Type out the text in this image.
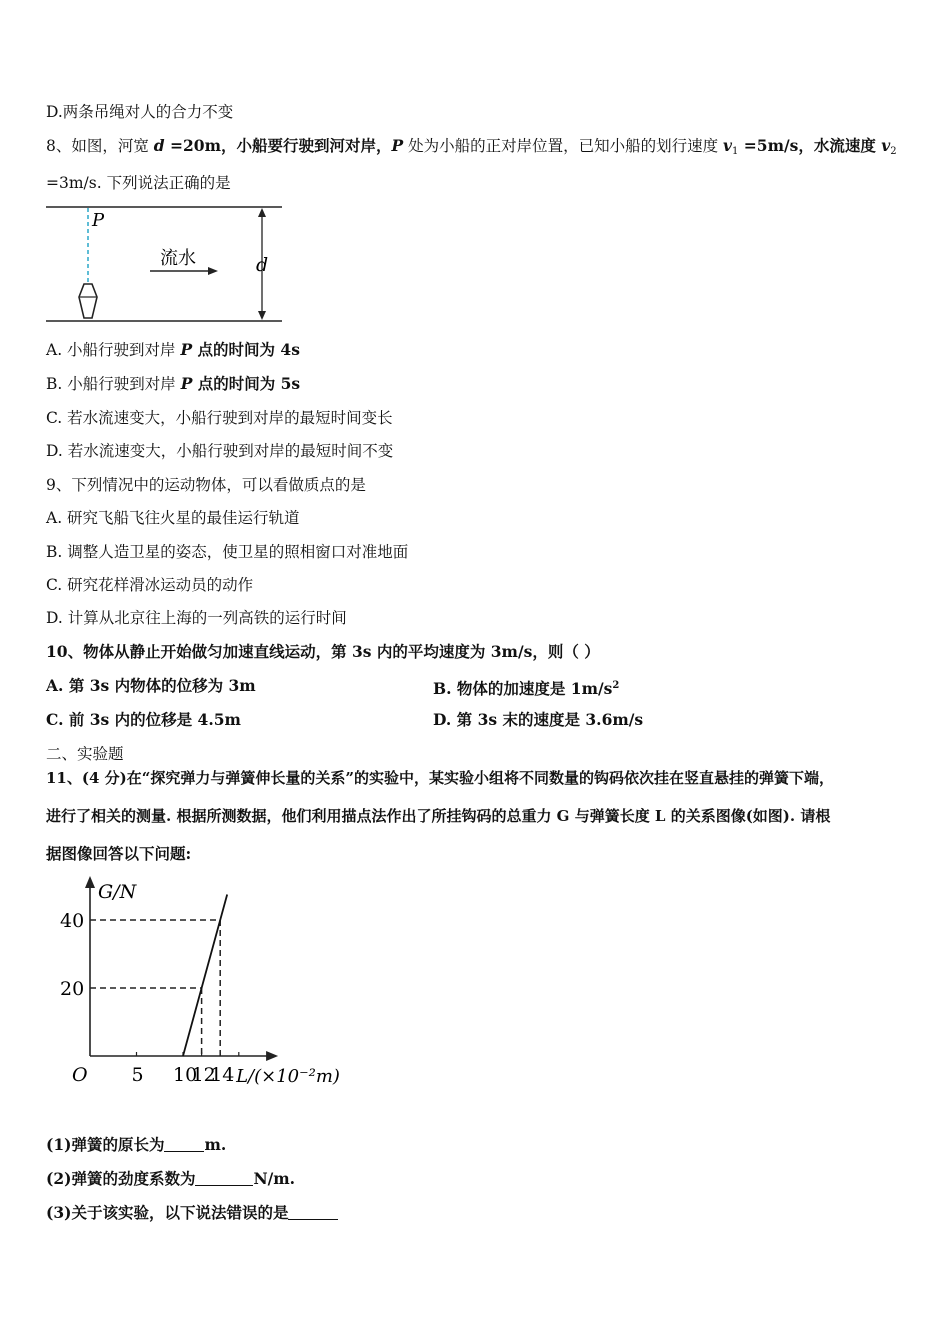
D.两条吊绳对人的合力不变
8、如图，河宽 d =20m，小船要行驶到河对岸，P 处为小船的正对岸位置，已知小船的划行速度 $v_1 =5m/s$，水流速度 $v_2$
=3m/s. 下列说法正确的是
P
流水	d
A. 小船行驶到对岸 P 点的时间为 4s
B. 小船行驶到对岸 P 点的时间为 5s
C. 若水流速变大，小船行驶到对岸的最短时间变长
D. 若水流速变大，小船行驶到对岸的最短时间不变
9、下列情况中的运动物体，可以看做质点的是
A. 研究飞船飞往火星的最佳运行轨道
B. 调整人造卫星的姿态，使卫星的照相窗口对准地面
C. 研究花样滑冰运动员的动作
D. 计算从北京往上海的一列高铁的运行时间
10、物体从静止开始做匀加速直线运动，第 3s 内的平均速度为 3m/s，则（ ）
A. 第 3s 内物体的位移为 3m	B. 物体的加速度是 $1m/s^2$
C. 前 3s 内的位移是 4.5m	D. 第 3s 末的速度是 3.6m/s
二、实验题
11、(4 分)在“探究弹力与弹簧伸长量的关系”的实验中，某实验小组将不同数量的钩码依次挂在竖直悬挂的弹簧下端，
进行了相关的测量. 根据所测数据，他们利用描点法作出了所挂钩码的总重力 G 与弹簧长度 L 的关系图像(如图). 请根
据图像回答以下问题:
5 10
12
14
20
40
O
G/N
L/(×10⁻²m)
(1)弹簧的原长为	m.
(2)弹簧的劲度系数为	N/m.
(3)关于该实验，以下说法错误的是
